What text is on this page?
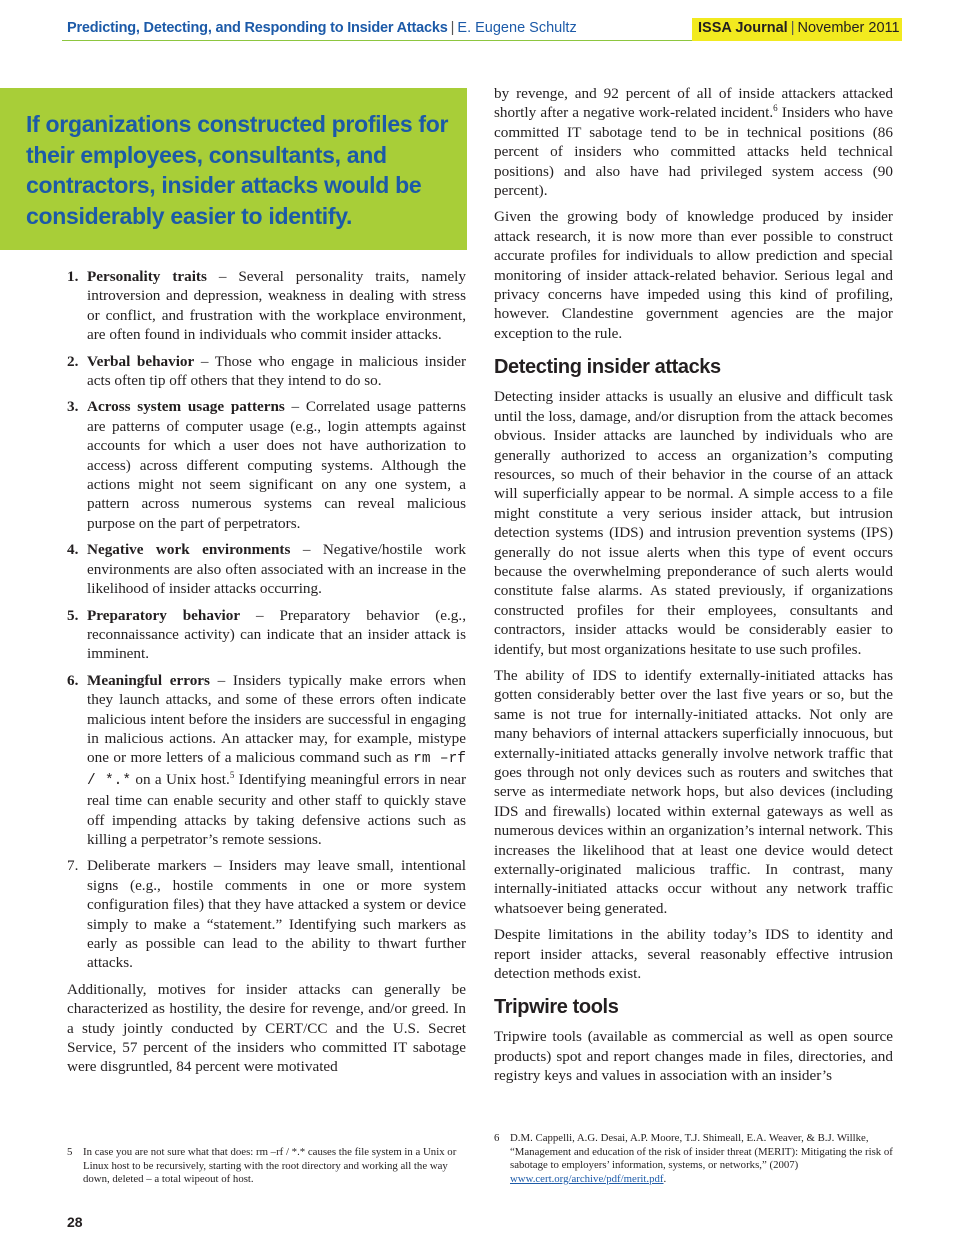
Predicting, Detecting, and Responding to Insider Attacks | E. Eugene Schultz	ISSA Journal | November 2011

If organizations constructed profiles for their employees, consultants, and contractors, insider attacks would be considerably easier to identify.

1. Personality traits – Several personality traits, namely introversion and depression, weakness in dealing with stress or conflict, and frustration with the workplace environment, are often found in individuals who commit insider attacks.
2. Verbal behavior – Those who engage in malicious insider acts often tip off others that they intend to do so.
3. Across system usage patterns – Correlated usage patterns are patterns of computer usage (e.g., login attempts against accounts for which a user does not have authorization to access) across different computing systems. Although the actions might not seem significant on any one system, a pattern across numerous systems can reveal malicious purpose on the part of perpetrators.
4. Negative work environments – Negative/hostile work environments are also often associated with an increase in the likelihood of insider attacks occurring.
5. Preparatory behavior – Preparatory behavior (e.g., reconnaissance activity) can indicate that an insider attack is imminent.
6. Meaningful errors – Insiders typically make errors when they launch attacks, and some of these errors often indicate malicious intent before the insiders are successful in engaging in malicious actions. An attacker may, for example, mistype one or more letters of a malicious command such as rm –rf / *.* on a Unix host.$^5$ Identifying meaningful errors in near real time can enable security and other staff to quickly stave off impending attacks by taking defensive actions such as killing a perpetrator’s remote sessions.
7. Deliberate markers – Insiders may leave small, intentional signs (e.g., hostile comments in one or more system configuration files) that they have attacked a system or device simply to make a “statement.” Identifying such markers as early as possible can lead to the ability to thwart further attacks.

Additionally, motives for insider attacks can generally be characterized as hostility, the desire for revenge, and/or greed. In a study jointly conducted by CERT/CC and the U.S. Secret Service, 57 percent of the insiders who committed IT sabotage were disgruntled, 84 percent were motivated

by revenge, and 92 percent of all of inside attackers attacked shortly after a negative work-related incident.$^6$ Insiders who have committed IT sabotage tend to be in technical positions (86 percent of insiders who committed attacks held technical positions) and also have had privileged system access (90 percent).

Given the growing body of knowledge produced by insider attack research, it is now more than ever possible to construct accurate profiles for individuals to allow prediction and special monitoring of insider attack-related behavior. Serious legal and privacy concerns have impeded using this kind of profiling, however. Clandestine government agencies are the major exception to the rule.

Detecting insider attacks

Detecting insider attacks is usually an elusive and difficult task until the loss, damage, and/or disruption from the attack becomes obvious. Insider attacks are launched by individuals who are generally authorized to access an organization’s computing resources, so much of their behavior in the course of an attack will superficially appear to be normal. A simple access to a file might constitute a very serious insider attack, but intrusion detection systems (IDS) and intrusion prevention systems (IPS) generally do not issue alerts when this type of event occurs because the overwhelming preponderance of such alerts would constitute false alarms. As stated previously, if organizations constructed profiles for their employees, consultants and contractors, insider attacks would be considerably easier to identify, but most organizations hesitate to use such profiles.

The ability of IDS to identify externally-initiated attacks has gotten considerably better over the last five years or so, but the same is not true for internally-initiated attacks. Not only are many behaviors of internal attackers superficially innocuous, but externally-initiated attacks generally involve network traffic that goes through not only devices such as routers and switches that serve as intermediate network hops, but also devices (including IDS and firewalls) located within external gateways as well as numerous devices within an organization’s internal network. This increases the likelihood that at least one device would detect externally-originated malicious traffic. In contrast, many internally-initiated attacks occur without any network traffic whatsoever being generated.

Despite limitations in the ability today’s IDS to identity and report insider attacks, several reasonably effective intrusion detection methods exist.

Tripwire tools

Tripwire tools (available as commercial as well as open source products) spot and report changes made in files, directories, and registry keys and values in association with an insider’s

5 In case you are not sure what that does: rm –rf / *.* causes the file system in a Unix or Linux host to be recursively, starting with the root directory and working all the way down, deleted – a total wipeout of host.
6 D.M. Cappelli, A.G. Desai, A.P. Moore, T.J. Shimeall, E.A. Weaver, & B.J. Willke, “Management and education of the risk of insider threat (MERIT): Mitigating the risk of sabotage to employers’ information, systems, or networks,” (2007) www.cert.org/archive/pdf/merit.pdf.
28
